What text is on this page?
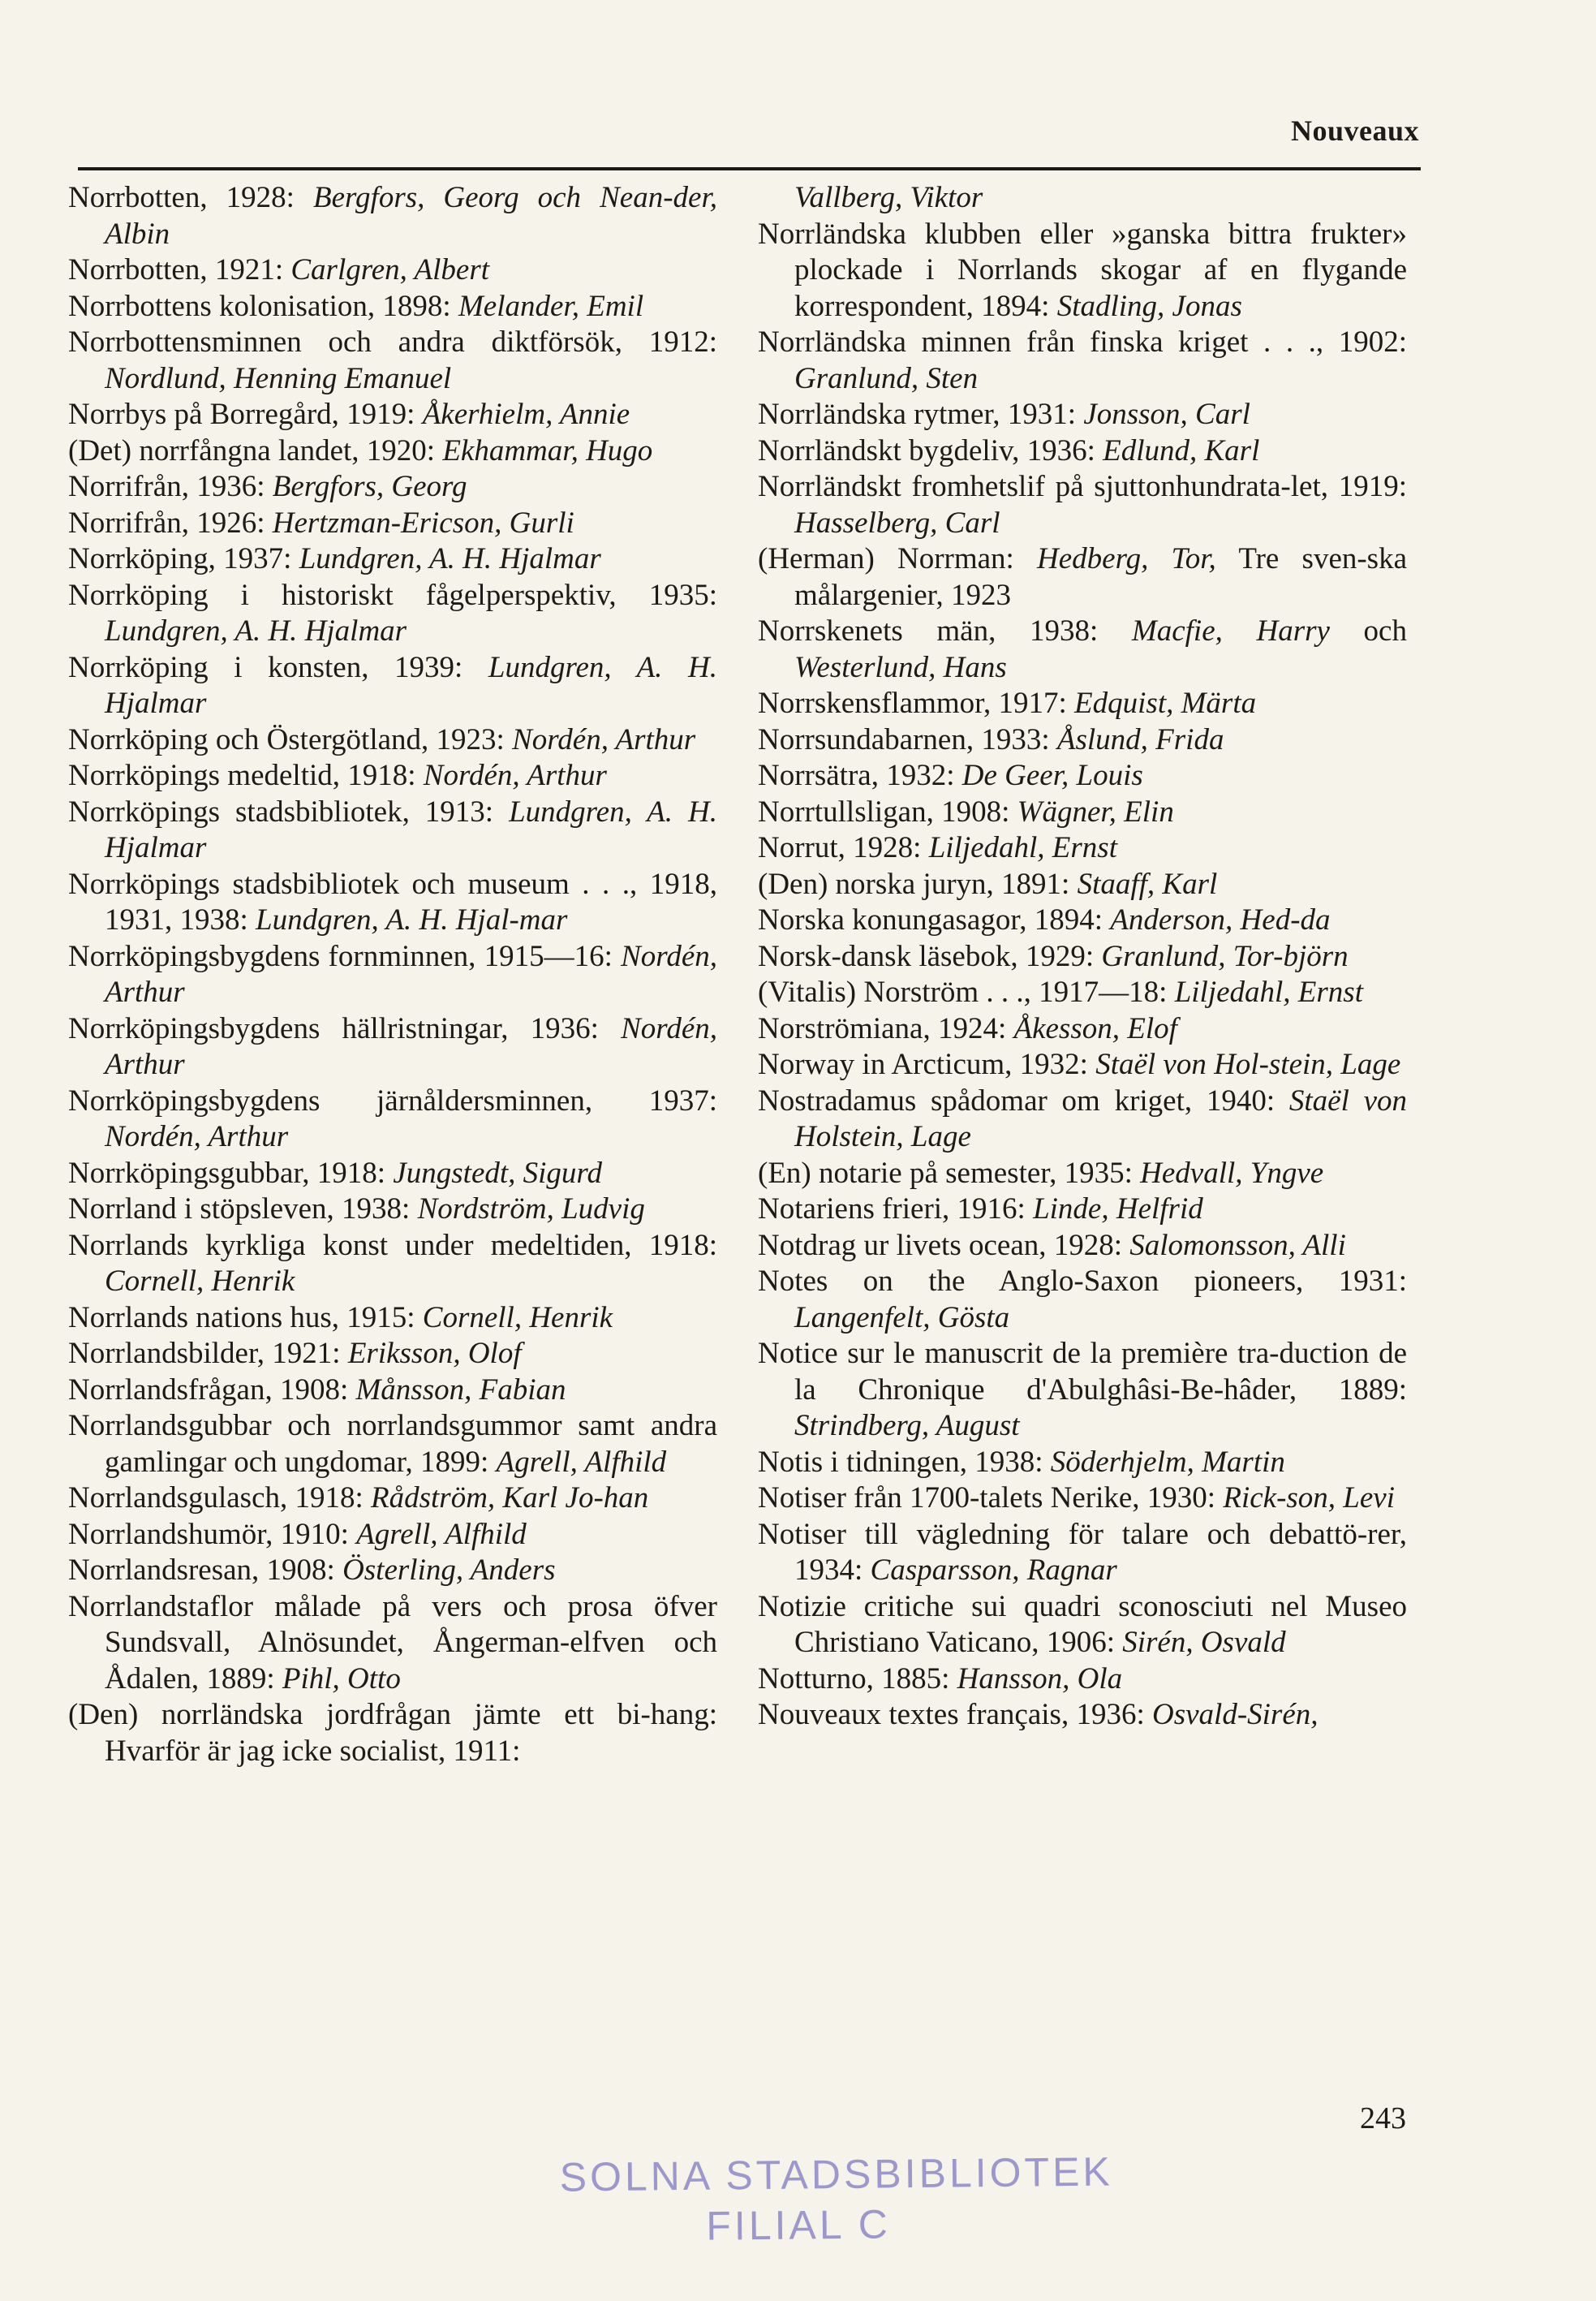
Nouveaux

Norrbotten, 1928: Bergfors, Georg och Nean-der, Albin

Norrbotten, 1921: Carlgren, Albert

Norrbottens kolonisation, 1898: Melander, Emil

Norrbottensminnen och andra diktförsök, 1912: Nordlund, Henning Emanuel

Norrbys på Borregård, 1919: Åkerhielm, Annie

(Det) norrfångna landet, 1920: Ekhammar, Hugo

Norrifrån, 1936: Bergfors, Georg

Norrifrån, 1926: Hertzman-Ericson, Gurli

Norrköping, 1937: Lundgren, A. H. Hjalmar

Norrköping i historiskt fågelperspektiv, 1935: Lundgren, A. H. Hjalmar

Norrköping i konsten, 1939: Lundgren, A. H. Hjalmar

Norrköping och Östergötland, 1923: Nordén, Arthur

Norrköpings medeltid, 1918: Nordén, Arthur

Norrköpings stadsbibliotek, 1913: Lundgren, A. H. Hjalmar

Norrköpings stadsbibliotek och museum . . ., 1918, 1931, 1938: Lundgren, A. H. Hjal-mar

Norrköpingsbygdens fornminnen, 1915—16: Nordén, Arthur

Norrköpingsbygdens hällristningar, 1936: Nordén, Arthur

Norrköpingsbygdens järnåldersminnen, 1937: Nordén, Arthur

Norrköpingsgubbar, 1918: Jungstedt, Sigurd

Norrland i stöpsleven, 1938: Nordström, Ludvig

Norrlands kyrkliga konst under medeltiden, 1918: Cornell, Henrik

Norrlands nations hus, 1915: Cornell, Henrik

Norrlandsbilder, 1921: Eriksson, Olof

Norrlandsfrågan, 1908: Månsson, Fabian

Norrlandsgubbar och norrlandsgummor samt andra gamlingar och ungdomar, 1899: Agrell, Alfhild

Norrlandsgulasch, 1918: Rådström, Karl Jo-han

Norrlandshumör, 1910: Agrell, Alfhild

Norrlandsresan, 1908: Österling, Anders

Norrlandstaflor målade på vers och prosa öfver Sundsvall, Alnösundet, Ångerman-elfven och Ådalen, 1889: Pihl, Otto

(Den) norrländska jordfrågan jämte ett bi-hang: Hvarför är jag icke socialist, 1911:

Vallberg, Viktor

Norrländska klubben eller »ganska bittra frukter» plockade i Norrlands skogar af en flygande korrespondent, 1894: Stadling, Jonas

Norrländska minnen från finska kriget . . ., 1902: Granlund, Sten

Norrländska rytmer, 1931: Jonsson, Carl

Norrländskt bygdeliv, 1936: Edlund, Karl

Norrländskt fromhetslif på sjuttonhundrata-let, 1919: Hasselberg, Carl

(Herman) Norrman: Hedberg, Tor, Tre sven-ska målargenier, 1923

Norrskenets män, 1938: Macfie, Harry och Westerlund, Hans

Norrskensflammor, 1917: Edquist, Märta

Norrsundabarnen, 1933: Åslund, Frida

Norrsätra, 1932: De Geer, Louis

Norrtullsligan, 1908: Wägner, Elin

Norrut, 1928: Liljedahl, Ernst

(Den) norska juryn, 1891: Staaff, Karl

Norska konungasagor, 1894: Anderson, Hed-da

Norsk-dansk läsebok, 1929: Granlund, Tor-björn

(Vitalis) Norström . . ., 1917—18: Liljedahl, Ernst

Norströmiana, 1924: Åkesson, Elof

Norway in Arcticum, 1932: Staël von Hol-stein, Lage

Nostradamus spådomar om kriget, 1940: Staël von Holstein, Lage

(En) notarie på semester, 1935: Hedvall, Yngve

Notariens frieri, 1916: Linde, Helfrid

Notdrag ur livets ocean, 1928: Salomonsson, Alli

Notes on the Anglo-Saxon pioneers, 1931: Langenfelt, Gösta

Notice sur le manuscrit de la première tra-duction de la Chronique d'Abulghâsi-Be-hâder, 1889: Strindberg, August

Notis i tidningen, 1938: Söderhjelm, Martin

Notiser från 1700-talets Nerike, 1930: Rick-son, Levi

Notiser till vägledning för talare och debattö-rer, 1934: Casparsson, Ragnar

Notizie critiche sui quadri sconosciuti nel Museo Christiano Vaticano, 1906: Sirén, Osvald

Notturno, 1885: Hansson, Ola

Nouveaux textes français, 1936: Osvald-Sirén,

243
SOLNA STADSBIBLIOTEK
FILIAL C
